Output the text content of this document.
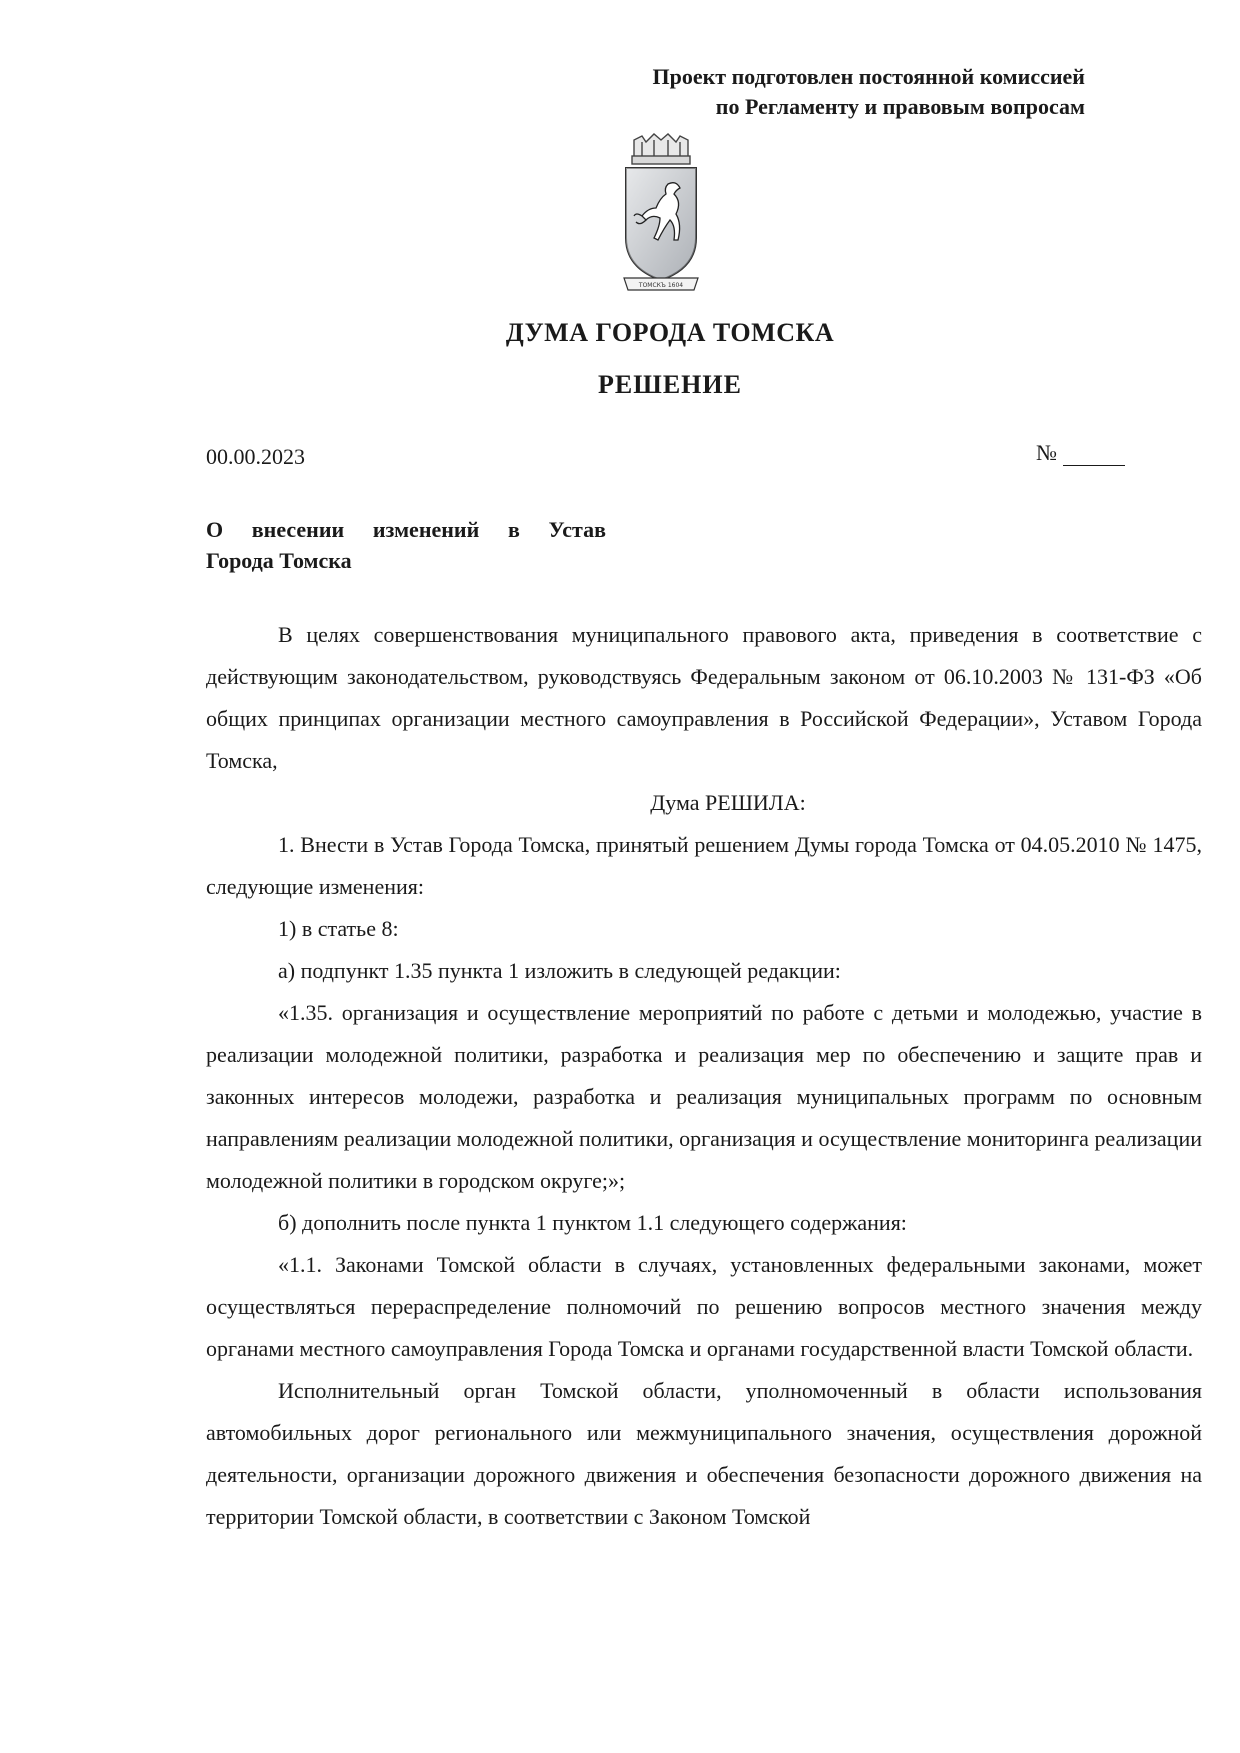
Проект подготовлен постоянной комиссией
по Регламенту и правовым вопросам
ТОМСКЪ 1604
ДУМА ГОРОДА ТОМСКА
РЕШЕНИЕ
00.00.2023	№
О внесении изменений в Устав
Города Томска

В целях совершенствования муниципального правового акта, приведения в соответствие с действующим законодательством, руководствуясь Федеральным законом от 06.10.2003 № 131-ФЗ «Об общих принципах организации местного самоуправления в Российской Федерации», Уставом Города Томска,

Дума РЕШИЛА:

1. Внести в Устав Города Томска, принятый решением Думы города Томска от 04.05.2010 № 1475, следующие изменения:

1) в статье 8:

а) подпункт 1.35 пункта 1 изложить в следующей редакции:

«1.35. организация и осуществление мероприятий по работе с детьми и молодежью, участие в реализации молодежной политики, разработка и реализация мер по обеспечению и защите прав и законных интересов молодежи, разработка и реализация муниципальных программ по основным направлениям реализации молодежной политики, организация и осуществление мониторинга реализации молодежной политики в городском округе;»;

б) дополнить после пункта 1 пунктом 1.1 следующего содержания:

«1.1. Законами Томской области в случаях, установленных федеральными законами, может осуществляться перераспределение полномочий по решению вопросов местного значения между органами местного самоуправления Города Томска и органами государственной власти Томской области.

Исполнительный орган Томской области, уполномоченный в области использования автомобильных дорог регионального или межмуниципального значения, осуществления дорожной деятельности, организации дорожного движения и обеспечения безопасности дорожного движения на территории Томской области, в соответствии с Законом Томской
